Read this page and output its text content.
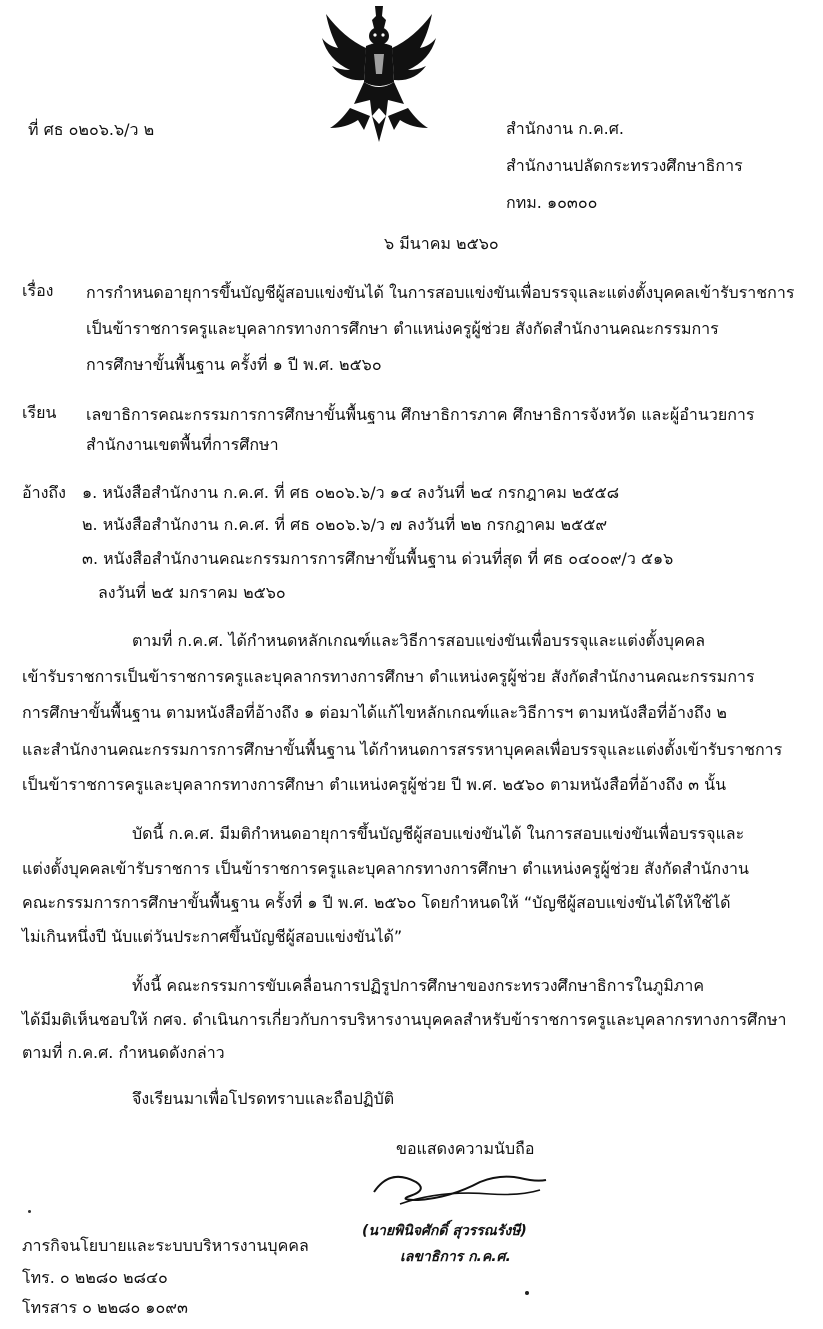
ที่ ศธ ๐๒๐๖.๖/ว ๒	สำนักงาน ก.ค.ศ.
สำนักงานปลัดกระทรวงศึกษาธิการ
กทม. ๑๐๓๐๐
๖ มีนาคม ๒๕๖๐
เรื่อง การกำหนดอายุการขึ้นบัญชีผู้สอบแข่งขันได้ ในการสอบแข่งขันเพื่อบรรจุและแต่งตั้งบุคคลเข้ารับราชการ
เป็นข้าราชการครูและบุคลากรทางการศึกษา ตำแหน่งครูผู้ช่วย สังกัดสำนักงานคณะกรรมการ
การศึกษาขั้นพื้นฐาน ครั้งที่ ๑ ปี พ.ศ. ๒๕๖๐
เรียน เลขาธิการคณะกรรมการการศึกษาขั้นพื้นฐาน ศึกษาธิการภาค ศึกษาธิการจังหวัด และผู้อำนวยการ
สำนักงานเขตพื้นที่การศึกษา
อ้างถึง ๑. หนังสือสำนักงาน ก.ค.ศ. ที่ ศธ ๐๒๐๖.๖/ว ๑๔ ลงวันที่ ๒๔ กรกฎาคม ๒๕๕๘
๒. หนังสือสำนักงาน ก.ค.ศ. ที่ ศธ ๐๒๐๖.๖/ว ๗ ลงวันที่ ๒๒ กรกฎาคม ๒๕๕๙
๓. หนังสือสำนักงานคณะกรรมการการศึกษาขั้นพื้นฐาน ด่วนที่สุด ที่ ศธ ๐๔๐๐๙/ว ๕๑๖
ลงวันที่ ๒๕ มกราคม ๒๕๖๐
ตามที่ ก.ค.ศ. ได้กำหนดหลักเกณฑ์และวิธีการสอบแข่งขันเพื่อบรรจุและแต่งตั้งบุคคล
เข้ารับราชการเป็นข้าราชการครูและบุคลากรทางการศึกษา ตำแหน่งครูผู้ช่วย สังกัดสำนักงานคณะกรรมการ
การศึกษาขั้นพื้นฐาน ตามหนังสือที่อ้างถึง ๑ ต่อมาได้แก้ไขหลักเกณฑ์และวิธีการฯ ตามหนังสือที่อ้างถึง ๒
และสำนักงานคณะกรรมการการศึกษาขั้นพื้นฐาน ได้กำหนดการสรรหาบุคคลเพื่อบรรจุและแต่งตั้งเข้ารับราชการ
เป็นข้าราชการครูและบุคลากรทางการศึกษา ตำแหน่งครูผู้ช่วย ปี พ.ศ. ๒๕๖๐ ตามหนังสือที่อ้างถึง ๓ นั้น
บัดนี้ ก.ค.ศ. มีมติกำหนดอายุการขึ้นบัญชีผู้สอบแข่งขันได้ ในการสอบแข่งขันเพื่อบรรจุและ
แต่งตั้งบุคคลเข้ารับราชการ เป็นข้าราชการครูและบุคลากรทางการศึกษา ตำแหน่งครูผู้ช่วย สังกัดสำนักงาน
คณะกรรมการการศึกษาขั้นพื้นฐาน ครั้งที่ ๑ ปี พ.ศ. ๒๕๖๐ โดยกำหนดให้ “บัญชีผู้สอบแข่งขันได้ให้ใช้ได้
ไม่เกินหนึ่งปี นับแต่วันประกาศขึ้นบัญชีผู้สอบแข่งขันได้”
ทั้งนี้ คณะกรรมการขับเคลื่อนการปฏิรูปการศึกษาของกระทรวงศึกษาธิการในภูมิภาค
ได้มีมติเห็นชอบให้ กศจ. ดำเนินการเกี่ยวกับการบริหารงานบุคคลสำหรับข้าราชการครูและบุคลากรทางการศึกษา
ตามที่ ก.ค.ศ. กำหนดดังกล่าว
จึงเรียนมาเพื่อโปรดทราบและถือปฏิบัติ
ขอแสดงความนับถือ
(นายพินิจศักดิ์ สุวรรณรังษี)
เลขาธิการ ก.ค.ศ.
ภารกิจนโยบายและระบบบริหารงานบุคคล
โทร. ๐ ๒๒๘๐ ๒๘๔๐
โทรสาร ๐ ๒๒๘๐ ๑๐๙๓
